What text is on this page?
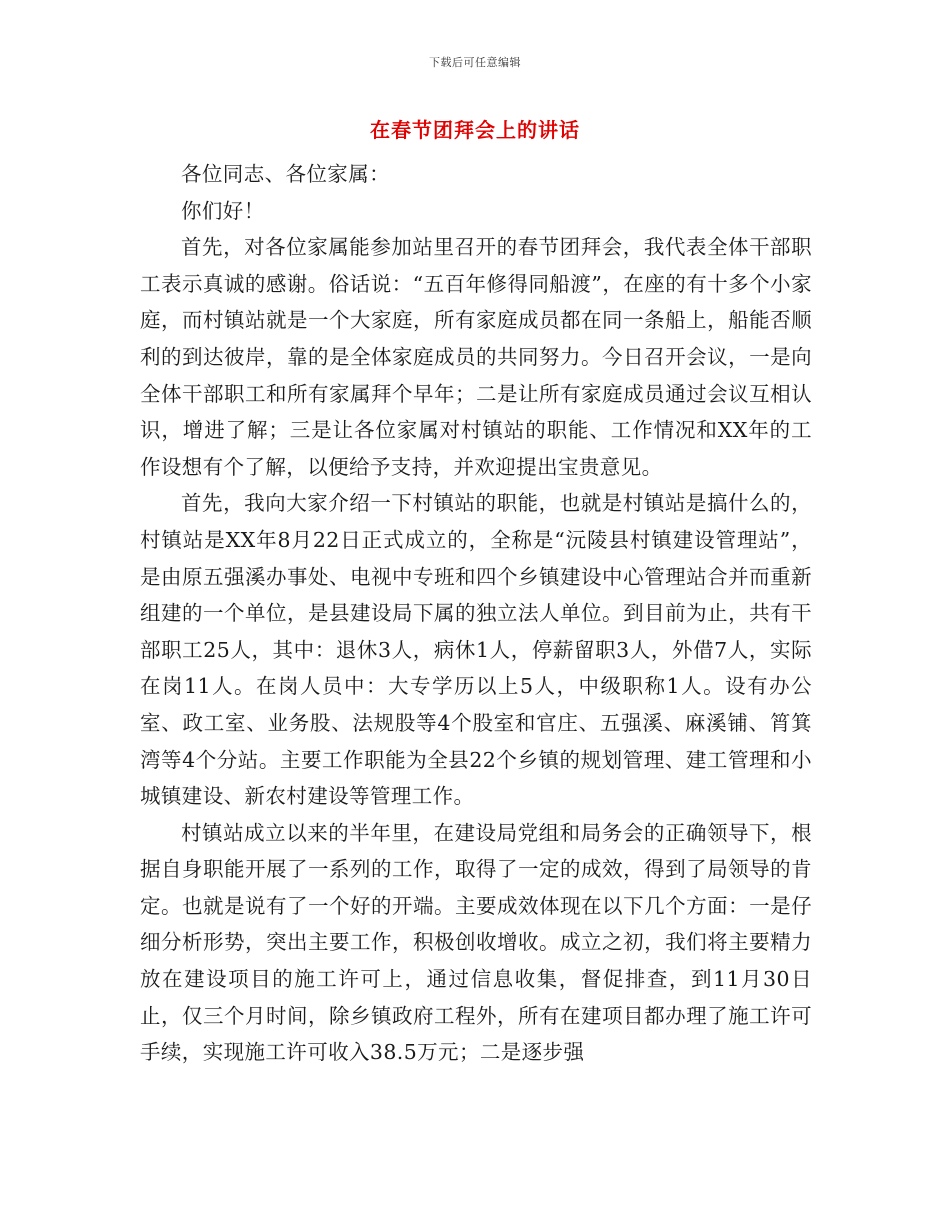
下载后可任意编辑
在春节团拜会上的讲话

各位同志、各位家属：

你们好！

首先，对各位家属能参加站里召开的春节团拜会，我代表全体干部职工表示真诚的感谢。俗话说：“五百年修得同船渡”，在座的有十多个小家庭，而村镇站就是一个大家庭，所有家庭成员都在同一条船上，船能否顺利的到达彼岸，靠的是全体家庭成员的共同努力。今日召开会议，一是向全体干部职工和所有家属拜个早年；二是让所有家庭成员通过会议互相认识，增进了解；三是让各位家属对村镇站的职能、工作情况和XX年的工作设想有个了解，以便给予支持，并欢迎提出宝贵意见。

首先，我向大家介绍一下村镇站的职能，也就是村镇站是搞什么的，村镇站是XX年8月22日正式成立的，全称是“沅陵县村镇建设管理站”，是由原五强溪办事处、电视中专班和四个乡镇建设中心管理站合并而重新组建的一个单位，是县建设局下属的独立法人单位。到目前为止，共有干部职工25人，其中：退休3人，病休1人，停薪留职3人，外借7人，实际在岗11人。在岗人员中：大专学历以上5人，中级职称1人。设有办公室、政工室、业务股、法规股等4个股室和官庄、五强溪、麻溪铺、筲箕湾等4个分站。主要工作职能为全县22个乡镇的规划管理、建工管理和小城镇建设、新农村建设等管理工作。

村镇站成立以来的半年里，在建设局党组和局务会的正确领导下，根据自身职能开展了一系列的工作，取得了一定的成效，得到了局领导的肯定。也就是说有了一个好的开端。主要成效体现在以下几个方面：一是仔细分析形势，突出主要工作，积极创收增收。成立之初，我们将主要精力放在建设项目的施工许可上，通过信息收集，督促排查，到11月30日止，仅三个月时间，除乡镇政府工程外，所有在建项目都办理了施工许可手续，实现施工许可收入38.5万元；二是逐步强
